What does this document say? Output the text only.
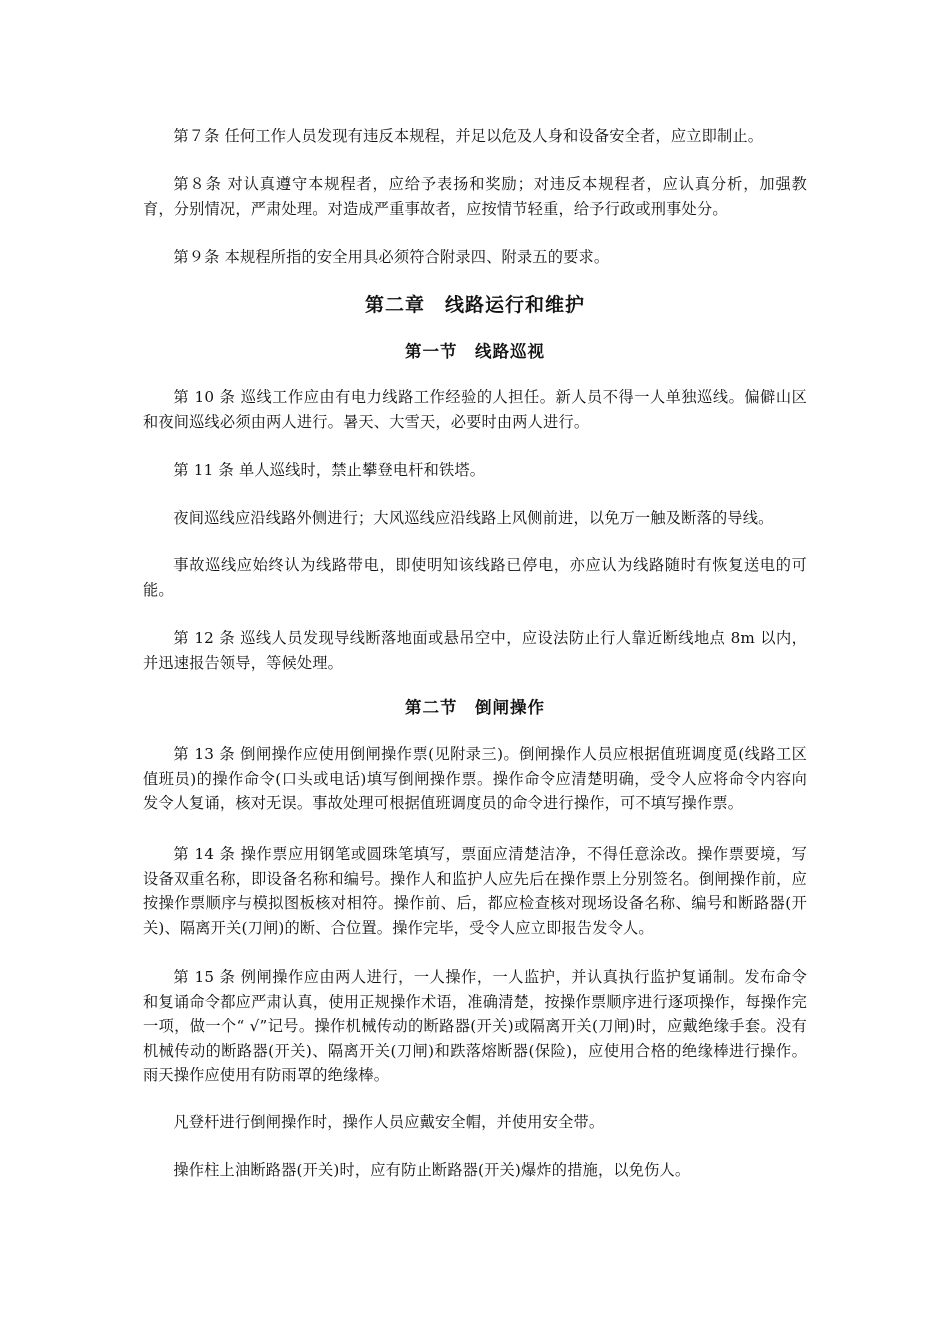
第７条 任何工作人员发现有违反本规程，并足以危及人身和设备安全者，应立即制止。

第８条 对认真遵守本规程者，应给予表扬和奖励；对违反本规程者，应认真分析，加强教育，分别情况，严肃处理。对造成严重事故者，应按情节轻重，给予行政或刑事处分。

第９条 本规程所指的安全用具必须符合附录四、附录五的要求。

第二章　线路运行和维护
第一节　线路巡视

第 10 条 巡线工作应由有电力线路工作经验的人担任。新人员不得一人单独巡线。偏僻山区和夜间巡线必须由两人进行。暑天、大雪天，必要时由两人进行。

第 11 条 单人巡线时，禁止攀登电杆和铁塔。

夜间巡线应沿线路外侧进行；大风巡线应沿线路上风侧前进，以免万一触及断落的导线。

事故巡线应始终认为线路带电，即使明知该线路已停电，亦应认为线路随时有恢复送电的可能。

第 12 条 巡线人员发现导线断落地面或悬吊空中，应设法防止行人靠近断线地点 8m 以内，并迅速报告领导，等候处理。

第二节　倒闸操作

第 13 条 倒闸操作应使用倒闸操作票(见附录三)。倒闸操作人员应根据值班调度觅(线路工区值班员)的操作命令(口头或电话)填写倒闸操作票。操作命令应清楚明确，受令人应将命令内容向发令人复诵，核对无误。事故处理可根据值班调度员的命令进行操作，可不填写操作票。

第 14 条 操作票应用钢笔或圆珠笔填写，票面应清楚洁净，不得任意涂改。操作票要境，写设备双重名称，即设备名称和编号。操作人和监护人应先后在操作票上分别签名。倒闸操作前，应按操作票顺序与模拟图板核对相符。操作前、后，都应检查核对现场设备名称、编号和断路器(开关)、隔离开关(刀闸)的断、合位置。操作完毕，受令人应立即报告发令人。

第 15 条 例闸操作应由两人进行，一人操作，一人监护，并认真执行监护复诵制。发布命令和复诵命令都应严肃认真，使用正规操作术语，准确清楚，按操作票顺序进行逐项操作，每操作完一项，做一个“ √”记号。操作机械传动的断路器(开关)或隔离开关(刀闸)时，应戴绝缘手套。没有机械传动的断路器(开关)、隔离开关(刀闸)和跌落熔断器(保险)，应使用合格的绝缘棒进行操作。雨天操作应使用有防雨罩的绝缘棒。

凡登杆进行倒闸操作时，操作人员应戴安全帽，并使用安全带。

操作柱上油断路器(开关)时，应有防止断路器(开关)爆炸的措施，以免伤人。
